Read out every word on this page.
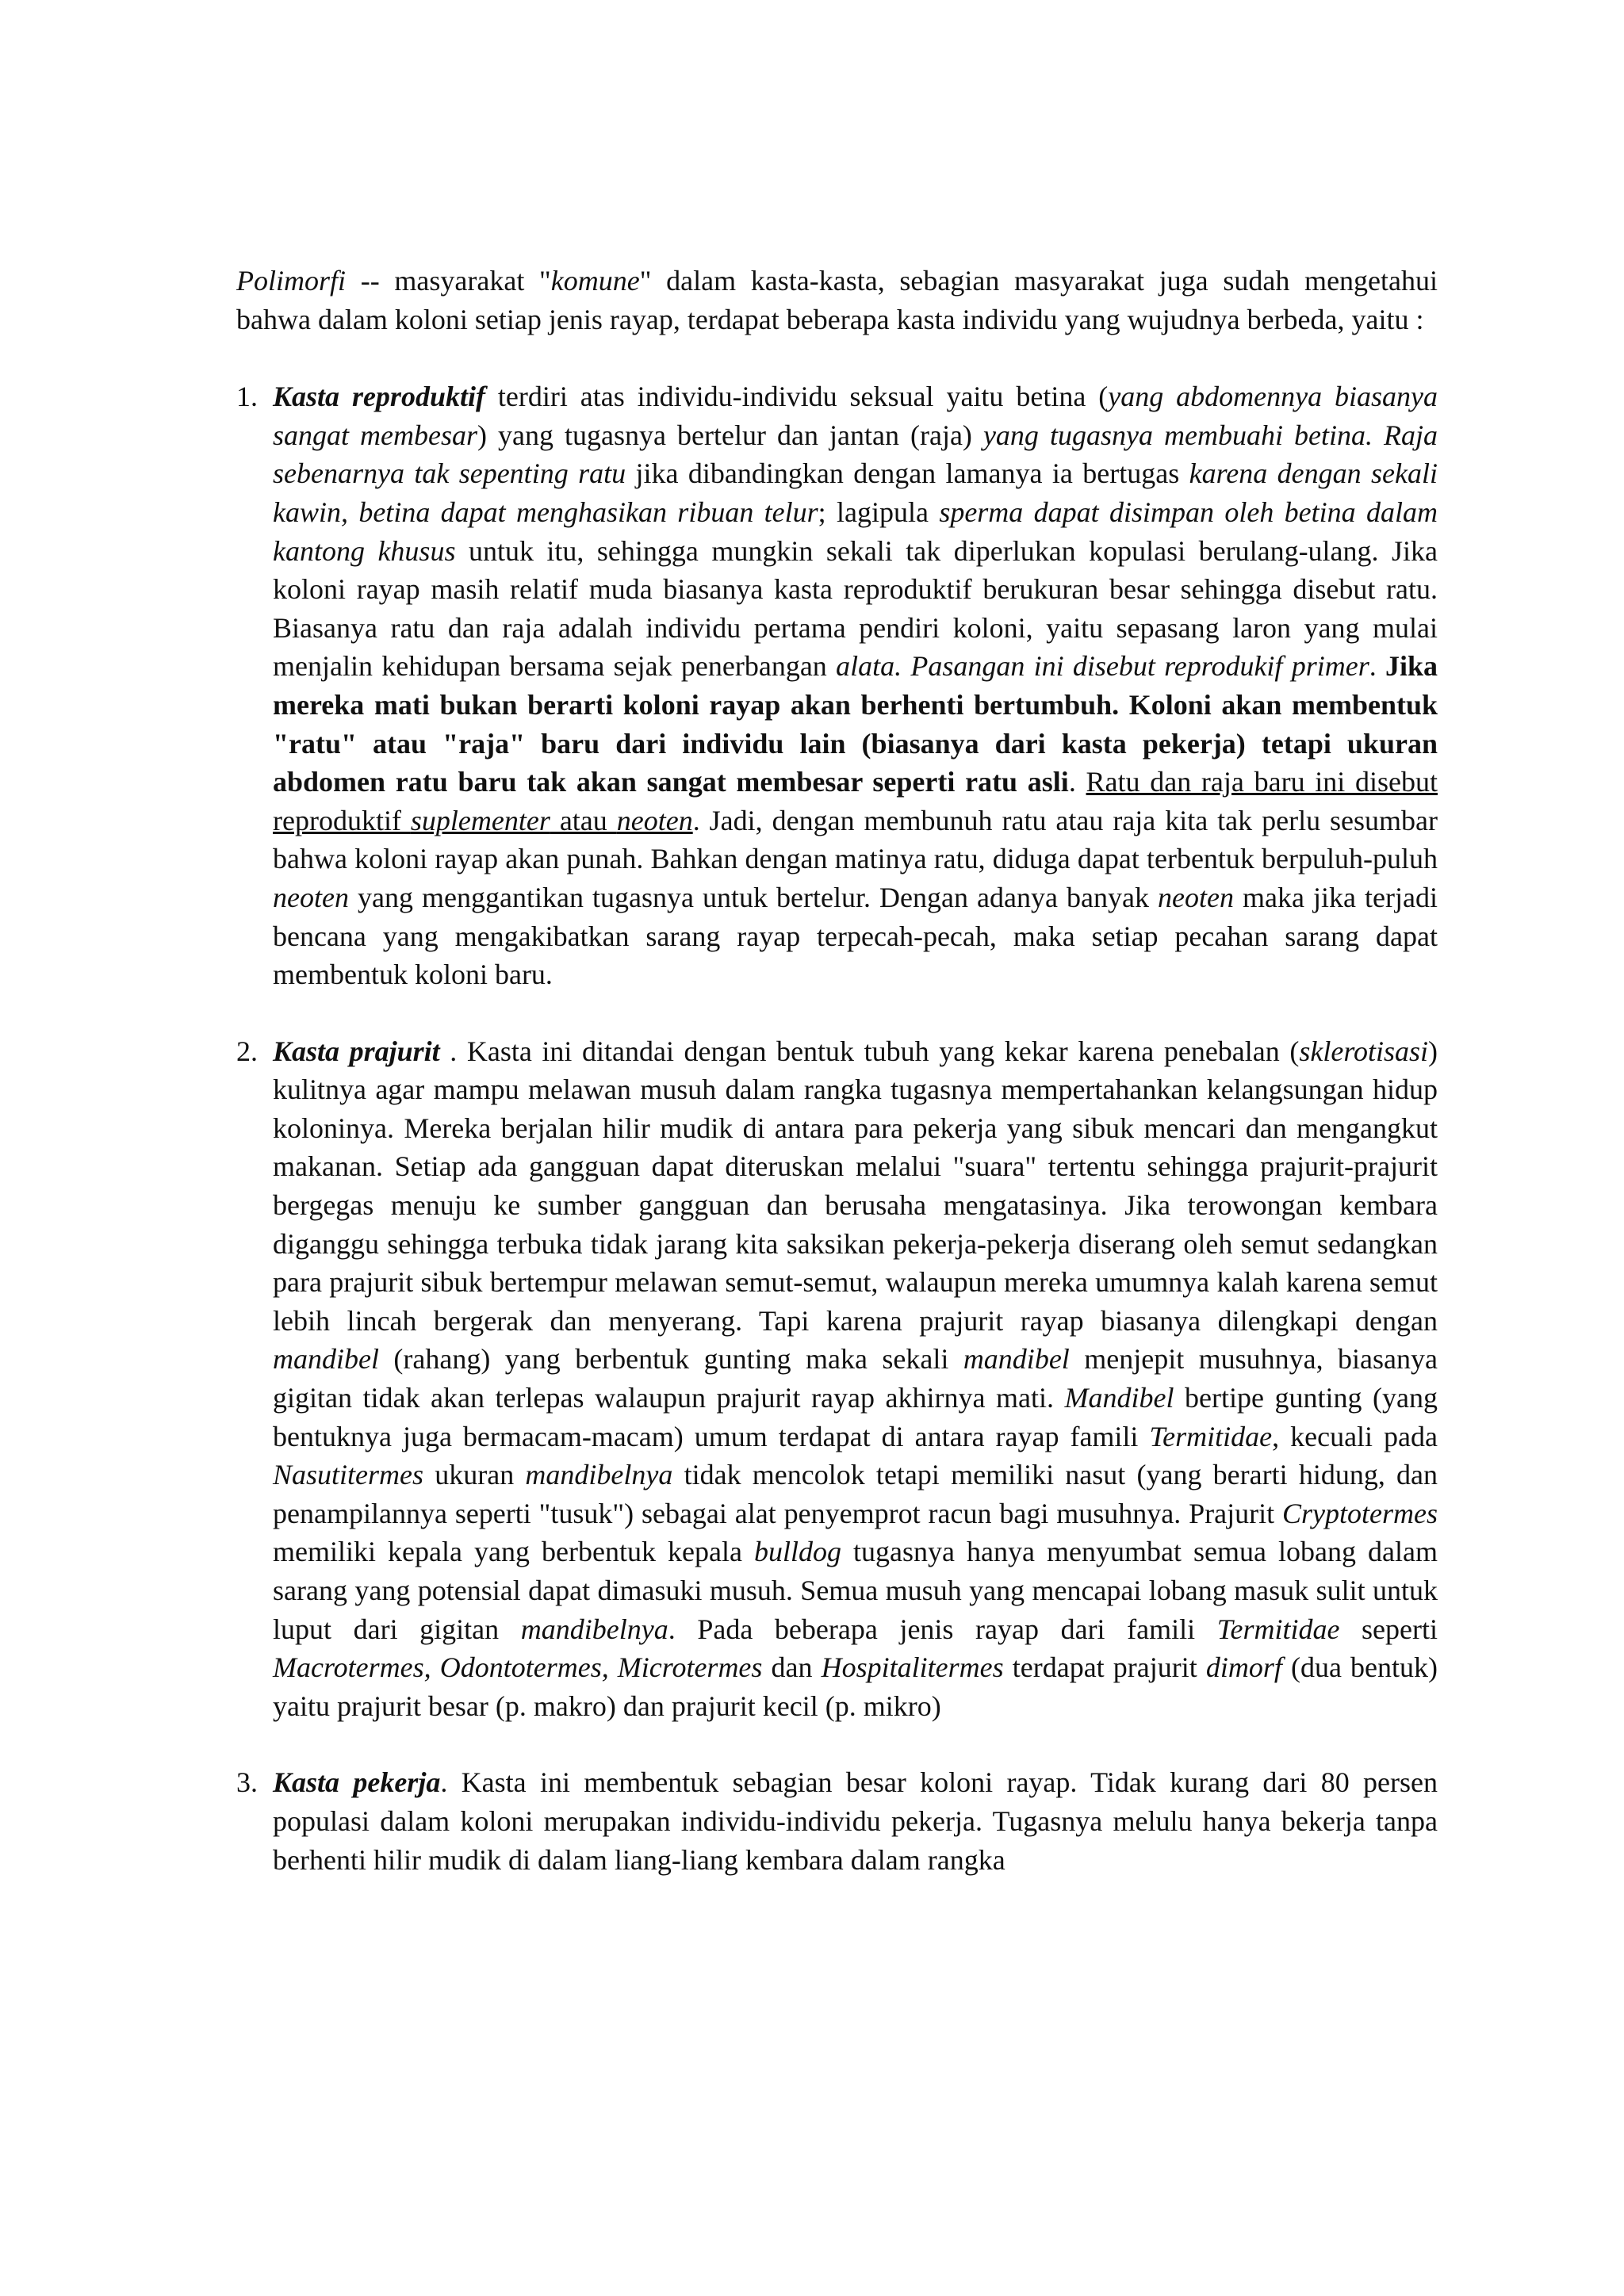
Polimorfi -- masyarakat "komune" dalam kasta-kasta, sebagian masyarakat juga sudah mengetahui bahwa dalam koloni setiap jenis rayap, terdapat beberapa kasta individu yang wujudnya berbeda, yaitu :

1. Kasta reproduktif terdiri atas individu-individu seksual yaitu betina (yang abdomennya biasanya sangat membesar) yang tugasnya bertelur dan jantan (raja) yang tugasnya membuahi betina. Raja sebenarnya tak sepenting ratu jika dibandingkan dengan lamanya ia bertugas karena dengan sekali kawin, betina dapat menghasikan ribuan telur; lagipula sperma dapat disimpan oleh betina dalam kantong khusus untuk itu, sehingga mungkin sekali tak diperlukan kopulasi berulang-ulang. Jika koloni rayap masih relatif muda biasanya kasta reproduktif berukuran besar sehingga disebut ratu. Biasanya ratu dan raja adalah individu pertama pendiri koloni, yaitu sepasang laron yang mulai menjalin kehidupan bersama sejak penerbangan alata. Pasangan ini disebut reprodukif primer. Jika mereka mati bukan berarti koloni rayap akan berhenti bertumbuh. Koloni akan membentuk "ratu" atau "raja" baru dari individu lain (biasanya dari kasta pekerja) tetapi ukuran abdomen ratu baru tak akan sangat membesar seperti ratu asli. Ratu dan raja baru ini disebut reproduktif suplementer atau neoten. Jadi, dengan membunuh ratu atau raja kita tak perlu sesumbar bahwa koloni rayap akan punah. Bahkan dengan matinya ratu, diduga dapat terbentuk berpuluh-puluh neoten yang menggantikan tugasnya untuk bertelur. Dengan adanya banyak neoten maka jika terjadi bencana yang mengakibatkan sarang rayap terpecah-pecah, maka setiap pecahan sarang dapat membentuk koloni baru.
2. Kasta prajurit . Kasta ini ditandai dengan bentuk tubuh yang kekar karena penebalan (sklerotisasi) kulitnya agar mampu melawan musuh dalam rangka tugasnya mempertahankan kelangsungan hidup koloninya. Mereka berjalan hilir mudik di antara para pekerja yang sibuk mencari dan mengangkut makanan. Setiap ada gangguan dapat diteruskan melalui "suara" tertentu sehingga prajurit-prajurit bergegas menuju ke sumber gangguan dan berusaha mengatasinya. Jika terowongan kembara diganggu sehingga terbuka tidak jarang kita saksikan pekerja-pekerja diserang oleh semut sedangkan para prajurit sibuk bertempur melawan semut-semut, walaupun mereka umumnya kalah karena semut lebih lincah bergerak dan menyerang. Tapi karena prajurit rayap biasanya dilengkapi dengan mandibel (rahang) yang berbentuk gunting maka sekali mandibel menjepit musuhnya, biasanya gigitan tidak akan terlepas walaupun prajurit rayap akhirnya mati. Mandibel bertipe gunting (yang bentuknya juga bermacam-macam) umum terdapat di antara rayap famili Termitidae, kecuali pada Nasutitermes ukuran mandibelnya tidak mencolok tetapi memiliki nasut (yang berarti hidung, dan penampilannya seperti "tusuk") sebagai alat penyemprot racun bagi musuhnya. Prajurit Cryptotermes memiliki kepala yang berbentuk kepala bulldog tugasnya hanya menyumbat semua lobang dalam sarang yang potensial dapat dimasuki musuh. Semua musuh yang mencapai lobang masuk sulit untuk luput dari gigitan mandibelnya. Pada beberapa jenis rayap dari famili Termitidae seperti Macrotermes, Odontotermes, Microtermes dan Hospitalitermes terdapat prajurit dimorf (dua bentuk) yaitu prajurit besar (p. makro) dan prajurit kecil (p. mikro)
3. Kasta pekerja. Kasta ini membentuk sebagian besar koloni rayap. Tidak kurang dari 80 persen populasi dalam koloni merupakan individu-individu pekerja. Tugasnya melulu hanya bekerja tanpa berhenti hilir mudik di dalam liang-liang kembara dalam rangka
